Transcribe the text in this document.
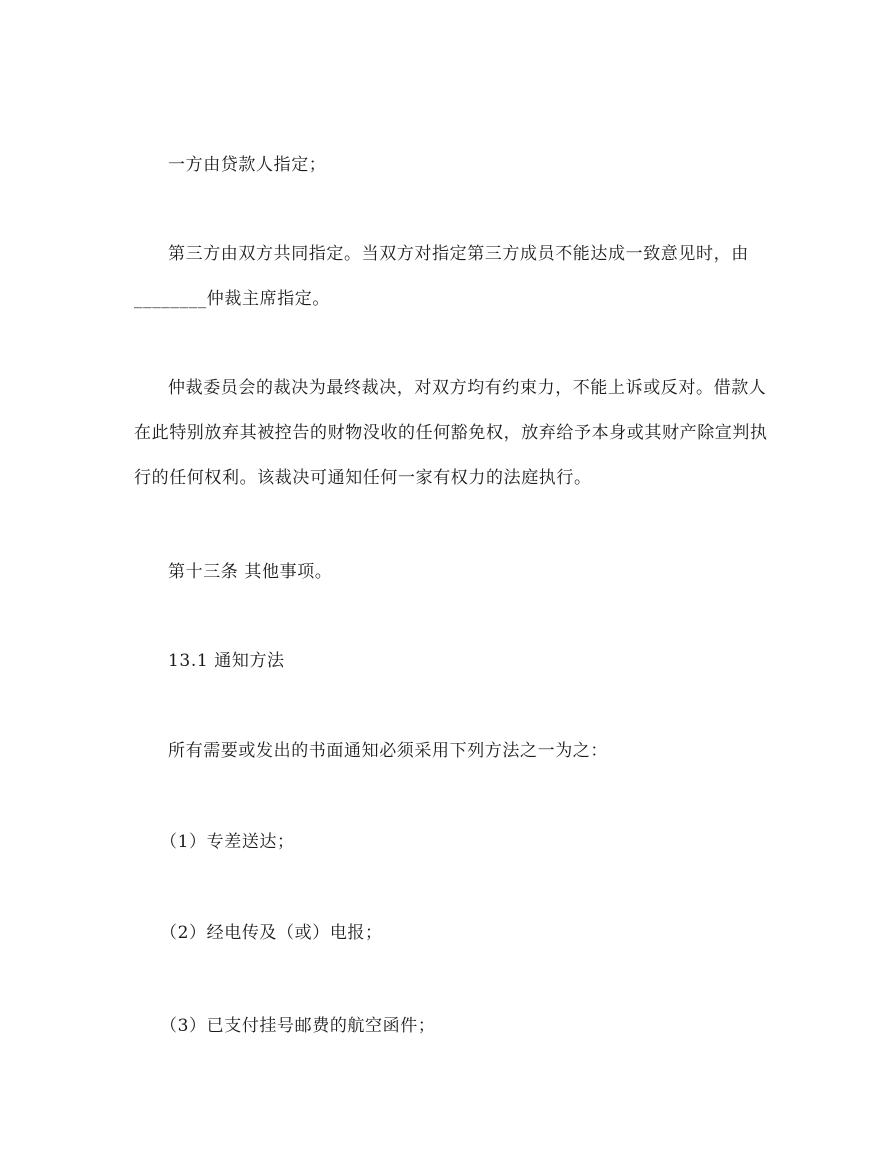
一方由贷款人指定；
第三方由双方共同指定。当双方对指定第三方成员不能达成一致意见时，由
________仲裁主席指定。
仲裁委员会的裁决为最终裁决，对双方均有约束力，不能上诉或反对。借款人
在此特别放弃其被控告的财物没收的任何豁免权，放弃给予本身或其财产除宣判执
行的任何权利。该裁决可通知任何一家有权力的法庭执行。
第十三条 其他事项。
13.1 通知方法
所有需要或发出的书面通知必须采用下列方法之一为之：
（1）专差送达；
（2）经电传及（或）电报；
（3）已支付挂号邮费的航空函件；
